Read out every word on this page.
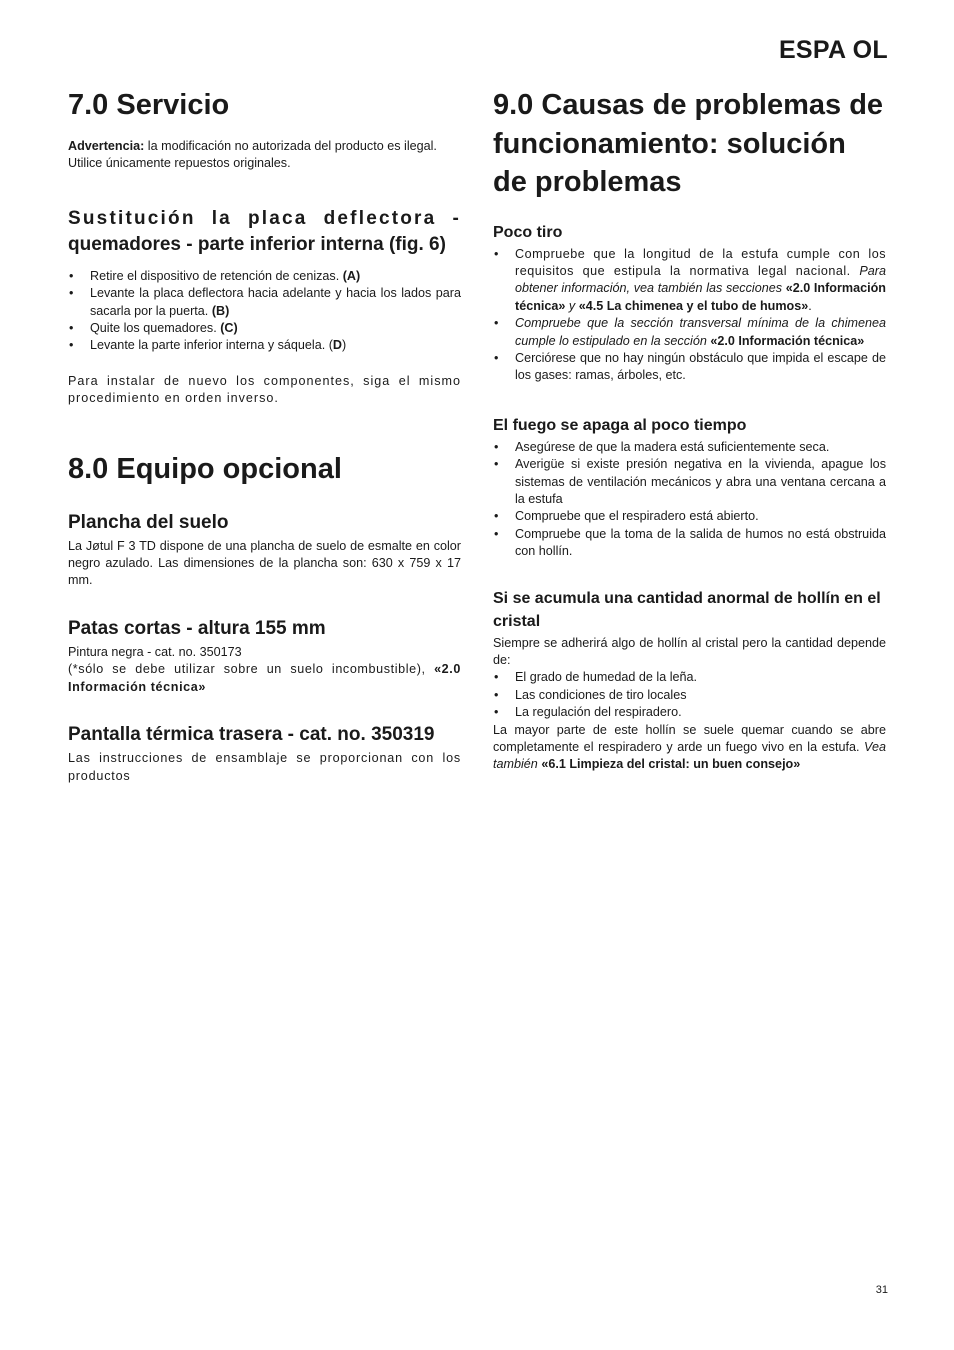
ESPA OL
7.0 Servicio

Advertencia: la modificación no autorizada del producto es ilegal.

Utilice únicamente repuestos originales.

Sustitución la placa deflectora -
quemadores - parte inferior interna (fig. 6)
• Retire el dispositivo de retención de cenizas. (A)
• Levante la placa deflectora hacia adelante y hacia los lados para sacarla por la puerta. (B)
• Quite los quemadores. (C)
• Levante la parte inferior interna y sáquela. (D)

Para instalar de nuevo los componentes, siga el mismo procedimiento en orden inverso.

8.0 Equipo opcional
Plancha del suelo

La Jøtul F 3 TD dispone de una plancha de suelo de esmalte en color negro azulado. Las dimensiones de la plancha son: 630 x 759 x 17 mm.

Patas cortas - altura 155 mm

Pintura negra - cat. no. 350173

(*sólo se debe utilizar sobre un suelo incombustible), «2.0 Información técnica»

Pantalla térmica trasera - cat. no. 350319

Las instrucciones de ensamblaje se proporcionan con los productos

9.0 Causas de problemas de
funcionamiento: solución
de problemas
Poco tiro
• Compruebe que la longitud de la estufa cumple con los requisitos que estipula la normativa legal nacional. Para obtener información, vea también las secciones «2.0 Información técnica» y «4.5 La chimenea y el tubo de humos».
• Compruebe que la sección transversal mínima de la chimenea cumple lo estipulado en la sección «2.0 Información técnica»
• Cerciórese que no hay ningún obstáculo que impida el escape de los gases: ramas, árboles, etc.
El fuego se apaga al poco tiempo
• Asegúrese de que la madera está suficientemente seca.
• Averigüe si existe presión negativa en la vivienda, apague los sistemas de ventilación mecánicos y abra una ventana cercana a la estufa
• Compruebe que el respiradero está abierto.
• Compruebe que la toma de la salida de humos no está obstruida con hollín.
Si se acumula una cantidad anormal de hollín en el cristal

Siempre se adherirá algo de hollín al cristal pero la cantidad depende de:

• El grado de humedad de la leña.
• Las condiciones de tiro locales
• La regulación del respiradero.

La mayor parte de este hollín se suele quemar cuando se abre completamente el respiradero y arde un fuego vivo en la estufa. Vea también «6.1 Limpieza del cristal: un buen consejo»

31
